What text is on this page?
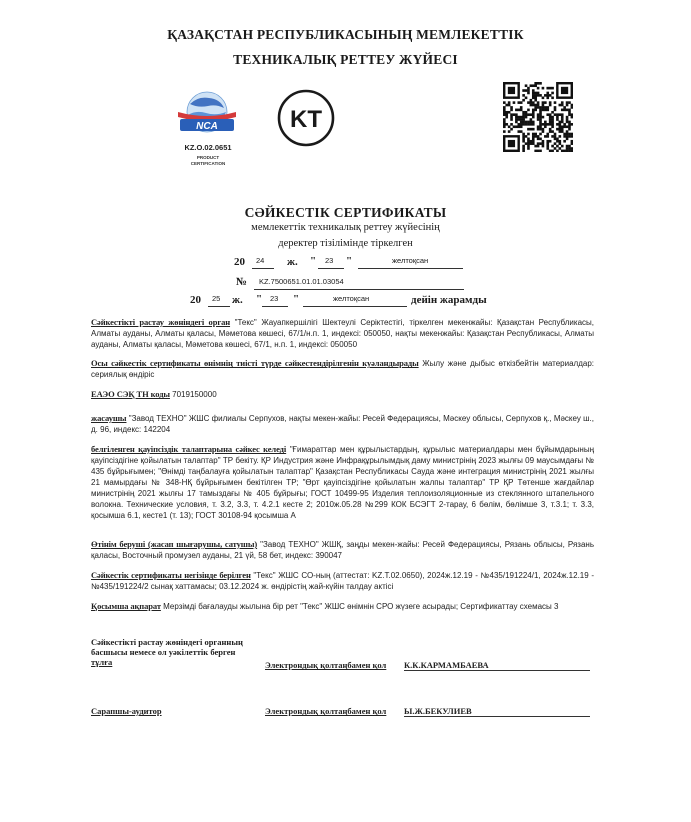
ҚАЗАҚСТАН РЕСПУБЛИКАСЫНЫҢ МЕМЛЕКЕТТІК
ТЕХНИКАЛЫҚ РЕТТЕУ ЖҮЙЕСІ
NCA
KZ.O.02.0651
PRODUCT
CERTIFICATION
KT
СӘЙКЕСТІК СЕРТИФИКАТЫ
мемлекеттік техникалық реттеу жүйесінің
деректер тізілімінде тіркелген
20 24 ж. " 23 "	желтоқсан
№ KZ.7500651.01.01.03054
20 25 ж. " 23 "	желтоқсан	дейін жарамды
Сәйкестікті растау жөніндегі орган "Текс" Жауапкершілігі Шектеулі Серіктестігі, тіркелген мекенжайы: Қазақстан Республикасы, Алматы ауданы, Алматы қаласы, Мәметова көшесі, 67/1/н.п. 1, индексі: 050050, нақты мекенжайы: Қазақстан Республикасы, Алматы ауданы, Алматы қаласы, Мәметова көшесі, 67/1, н.п. 1, индексі: 050050
Осы сәйкестік сертификаты өнімнің тиісті түрде сәйкестендірілгенін куәландырады Жылу және дыбыс өткізбейтін материалдар: сериялық өндіріс
ЕАЭО СЭҚ ТН коды 7019150000
жасаушы "Завод ТЕХНО" ЖШС филиалы Серпухов, нақты мекен-жайы: Ресей Федерациясы, Мәскеу облысы, Серпухов қ., Мәскеу ш., д. 96, индекс: 142204
белгіленген қауіпсіздік талаптарына сәйкес келеді "Ғимараттар мен құрылыстардың, құрылыс материалдары мен бұйымдарының қауіпсіздігіне қойылатын талаптар" ТР бекіту. ҚР Индустрия және Инфрақұрылымдық даму министрінің 2023 жылғы 09 маусымдағы № 435 бұйрығымен; "Өнімді таңбалауға қойылатын талаптар" Қазақстан Республикасы Сауда және интеграция министрінің 2021 жылғы 21 мамырдағы № 348-НҚ бұйрығымен бекітілген ТР; "Өрт қауіпсіздігіне қойылатын жалпы талаптар" ТР ҚР Төтенше жағдайлар министрінің 2021 жылғы 17 тамыздағы № 405 бұйрығы; ГОСТ 10499-95 Изделия теплоизоляционные из стеклянного штапельного волокна. Технические условия, т. 3.2, 3.3, т. 4.2.1 кесте 2; 2010ж.05.28 №299 КОК БСЭГТ 2-тарау, 6 бөлім, бөлімше 3, т.3.1; т. 3.3, қосымша 6.1, кесте1 (т. 13); ГОСТ 30108-94 қосымша А
Өтінім беруші (жасап шығарушы, сатушы) "Завод ТЕХНО" ЖШҚ, заңды мекен-жайы: Ресей Федерациясы, Рязань облысы, Рязань қаласы, Восточный промузел ауданы, 21 үй, 58 бет, индекс: 390047
Сәйкестік сертификаты негізінде берілген "Текс" ЖШС СО-ның (аттестат: KZ.T.02.0650), 2024ж.12.19 - №435/191224/1, 2024ж.12.19 - №435/191224/2 сынақ хаттамасы; 03.12.2024 ж. өндірістің жай-күйін талдау актісі
Қосымша ақпарат Мерзімді бағалауды жылына бір рет "Текс" ЖШС өнімнін СРО жүзеге асырады; Сертификаттау схемасы 3
Сәйкестікті растау жөніндегі органның
басшысы немесе ол уәкілеттік берген
тұлға	Электрондық қолтаңбамен қол К.К.КАРМАМБАЕВА
Сарапшы-аудитор	Электрондық қолтаңбамен қол Ы.Ж.БЕКУЛИЕВ
